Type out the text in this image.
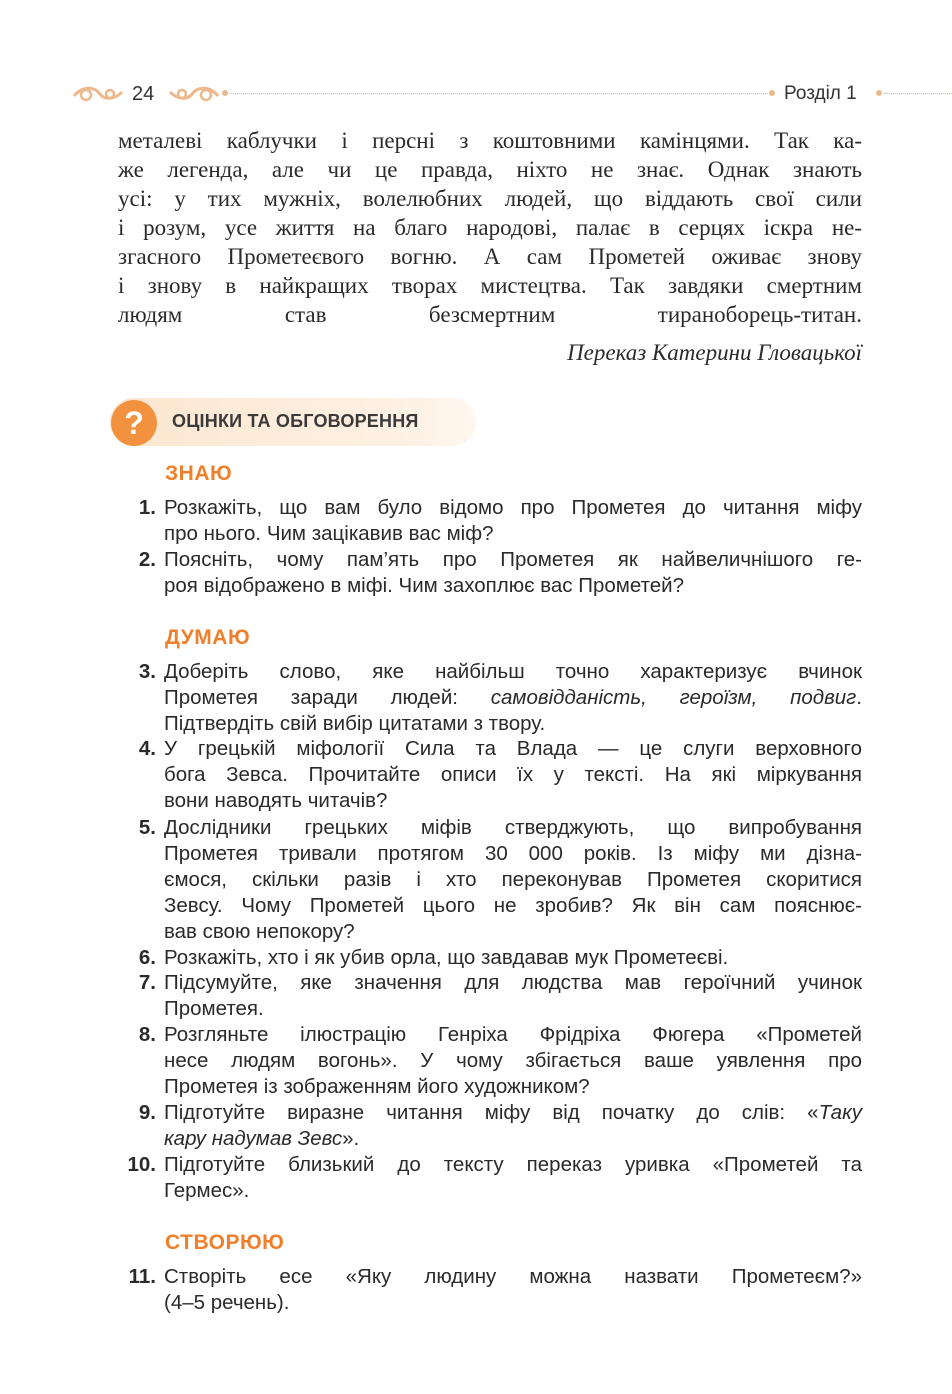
24	Розділ 1
металеві каблучки і персні з коштовними камінцями. Так ка-
же легенда, але чи це правда, ніхто не знає. Однак знають
усі: у тих мужніх, волелюбних людей, що віддають свої сили
і розум, усе життя на благо народові, палає в серцях іскра не-
згасного Прометеєвого вогню. А сам Прометей оживає знову
і знову в найкращих творах мистецтва. Так завдяки смертним
людям став безсмертним тираноборець-титан.
Переказ Катерини Гловацької
?	ОЦІНКИ ТА ОБГОВОРЕННЯ
ЗНАЮ
1. Розкажіть, що вам було відомо про Прометея до читання міфу
про нього. Чим зацікавив вас міф?
2. Поясніть, чому пам’ять про Прометея як найвеличнішого ге-
роя відображено в міфі. Чим захоплює вас Прометей?
ДУМАЮ
3. Доберіть слово, яке найбільш точно характеризує вчинок
Прометея заради людей: самовідданість, героїзм, подвиг.
Підтвердіть свій вибір цитатами з твору.
4. У грецькій міфології Сила та Влада — це слуги верховного
бога Зевса. Прочитайте описи їх у тексті. На які міркування
вони наводять читачів?
5. Дослідники грецьких міфів стверджують, що випробування
Прометея тривали протягом 30 000 років. Із міфу ми дізна-
ємося, скільки разів і хто переконував Прометея скоритися
Зевсу. Чому Прометей цього не зробив? Як він сам пояснює-
вав свою непокору?
6. Розкажіть, хто і як убив орла, що завдавав мук Прометеєві.
7. Підсумуйте, яке значення для людства мав героїчний учинок
Прометея.
8. Розгляньте ілюстрацію Генріха Фрідріха Фюгера «Прометей
несе людям вогонь». У чому збігається ваше уявлення про
Прометея із зображенням його художником?
9. Підготуйте виразне читання міфу від початку до слів: «Таку
кару надумав Зевс».
10. Підготуйте близький до тексту переказ уривка «Прометей та
Гермес».
СТВОРЮЮ
11. Створіть есе «Яку людину можна назвати Прометеєм?»
(4–5 речень).
